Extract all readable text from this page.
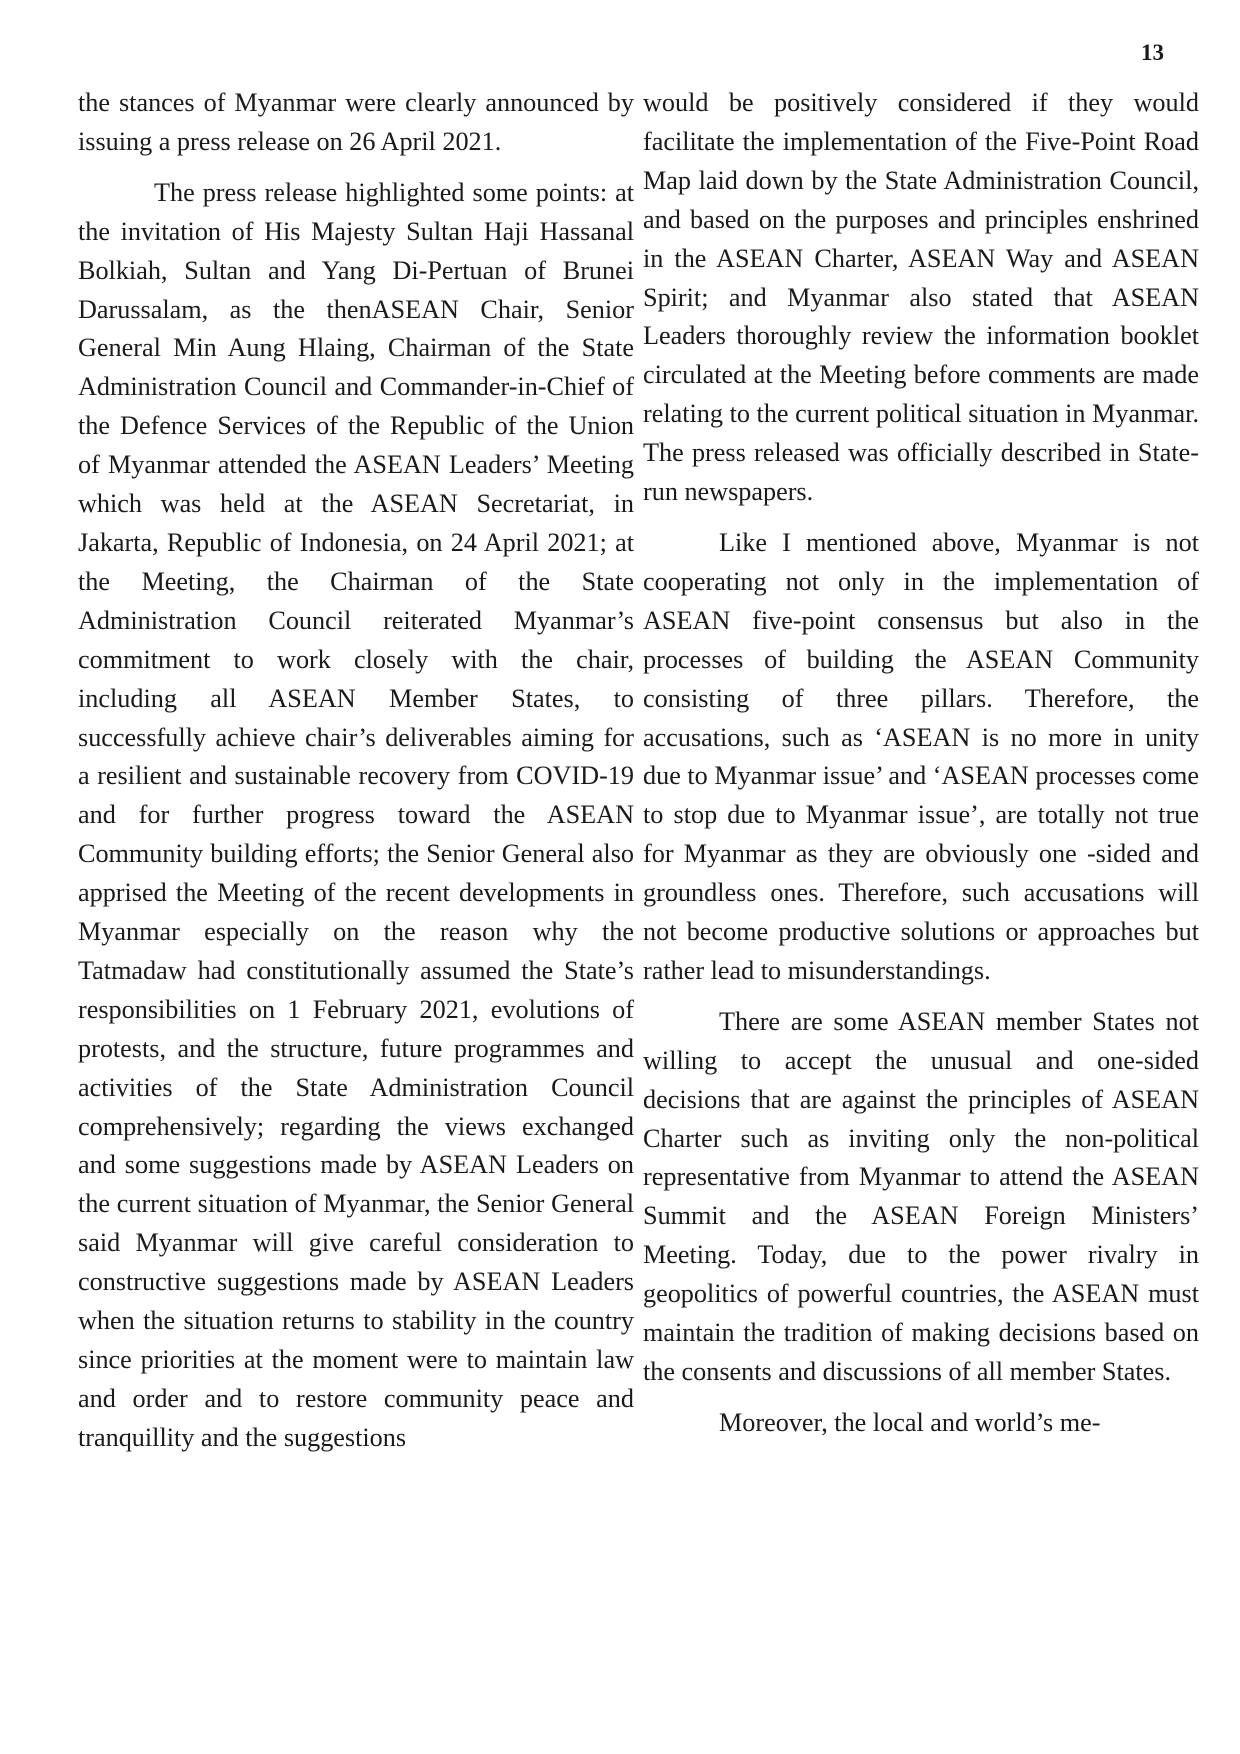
13

the stances of Myanmar were clearly announced by issuing a press release on 26 April 2021.

The press release highlighted some points: at the invitation of His Majesty Sultan Haji Hassanal Bolkiah, Sultan and Yang Di-Pertuan of Brunei Darussalam, as the thenASEAN Chair, Senior General Min Aung Hlaing, Chairman of the State Administration Council and Commander-in-Chief of the Defence Services of the Republic of the Union of Myanmar attended the ASEAN Leaders’ Meeting which was held at the ASEAN Secretariat, in Jakarta, Republic of Indonesia, on 24 April 2021; at the Meeting, the Chairman of the State Administration Council reiterated Myanmar’s commitment to work closely with the chair, including all ASEAN Member States, to successfully achieve chair’s deliverables aiming for a resilient and sustainable recovery from COVID-19 and for further progress toward the ASEAN Community building efforts; the Senior General also apprised the Meeting of the recent developments in Myanmar especially on the reason why the Tatmadaw had constitutionally assumed the State’s responsibilities on 1 February 2021, evolutions of protests, and the structure, future programmes and activities of the State Administration Council comprehensively; regarding the views exchanged and some suggestions made by ASEAN Leaders on the current situation of Myanmar, the Senior General said Myanmar will give careful consideration to constructive suggestions made by ASEAN Leaders when the situation returns to stability in the country since priorities at the moment were to maintain law and order and to restore community peace and tranquillity and the suggestions

would be positively considered if they would facilitate the implementation of the Five-Point Road Map laid down by the State Administration Council, and based on the purposes and principles enshrined in the ASEAN Charter, ASEAN Way and ASEAN Spirit; and Myanmar also stated that ASEAN Leaders thoroughly review the information booklet circulated at the Meeting before comments are made relating to the current political situation in Myanmar. The press released was officially described in State-run newspapers.

Like I mentioned above, Myanmar is not cooperating not only in the implementation of ASEAN five-point consensus but also in the processes of building the ASEAN Community consisting of three pillars. Therefore, the accusations, such as ‘ASEAN is no more in unity due to Myanmar issue’ and ‘ASEAN processes come to stop due to Myanmar issue’, are totally not true for Myanmar as they are obviously one -sided and groundless ones. Therefore, such accusations will not become productive solutions or approaches but rather lead to misunderstandings.

There are some ASEAN member States not willing to accept the unusual and one-sided decisions that are against the principles of ASEAN Charter such as inviting only the non-political representative from Myanmar to attend the ASEAN Summit and the ASEAN Foreign Ministers’ Meeting. Today, due to the power rivalry in geopolitics of powerful countries, the ASEAN must maintain the tradition of making decisions based on the consents and discussions of all member States.

Moreover, the local and world’s me-
